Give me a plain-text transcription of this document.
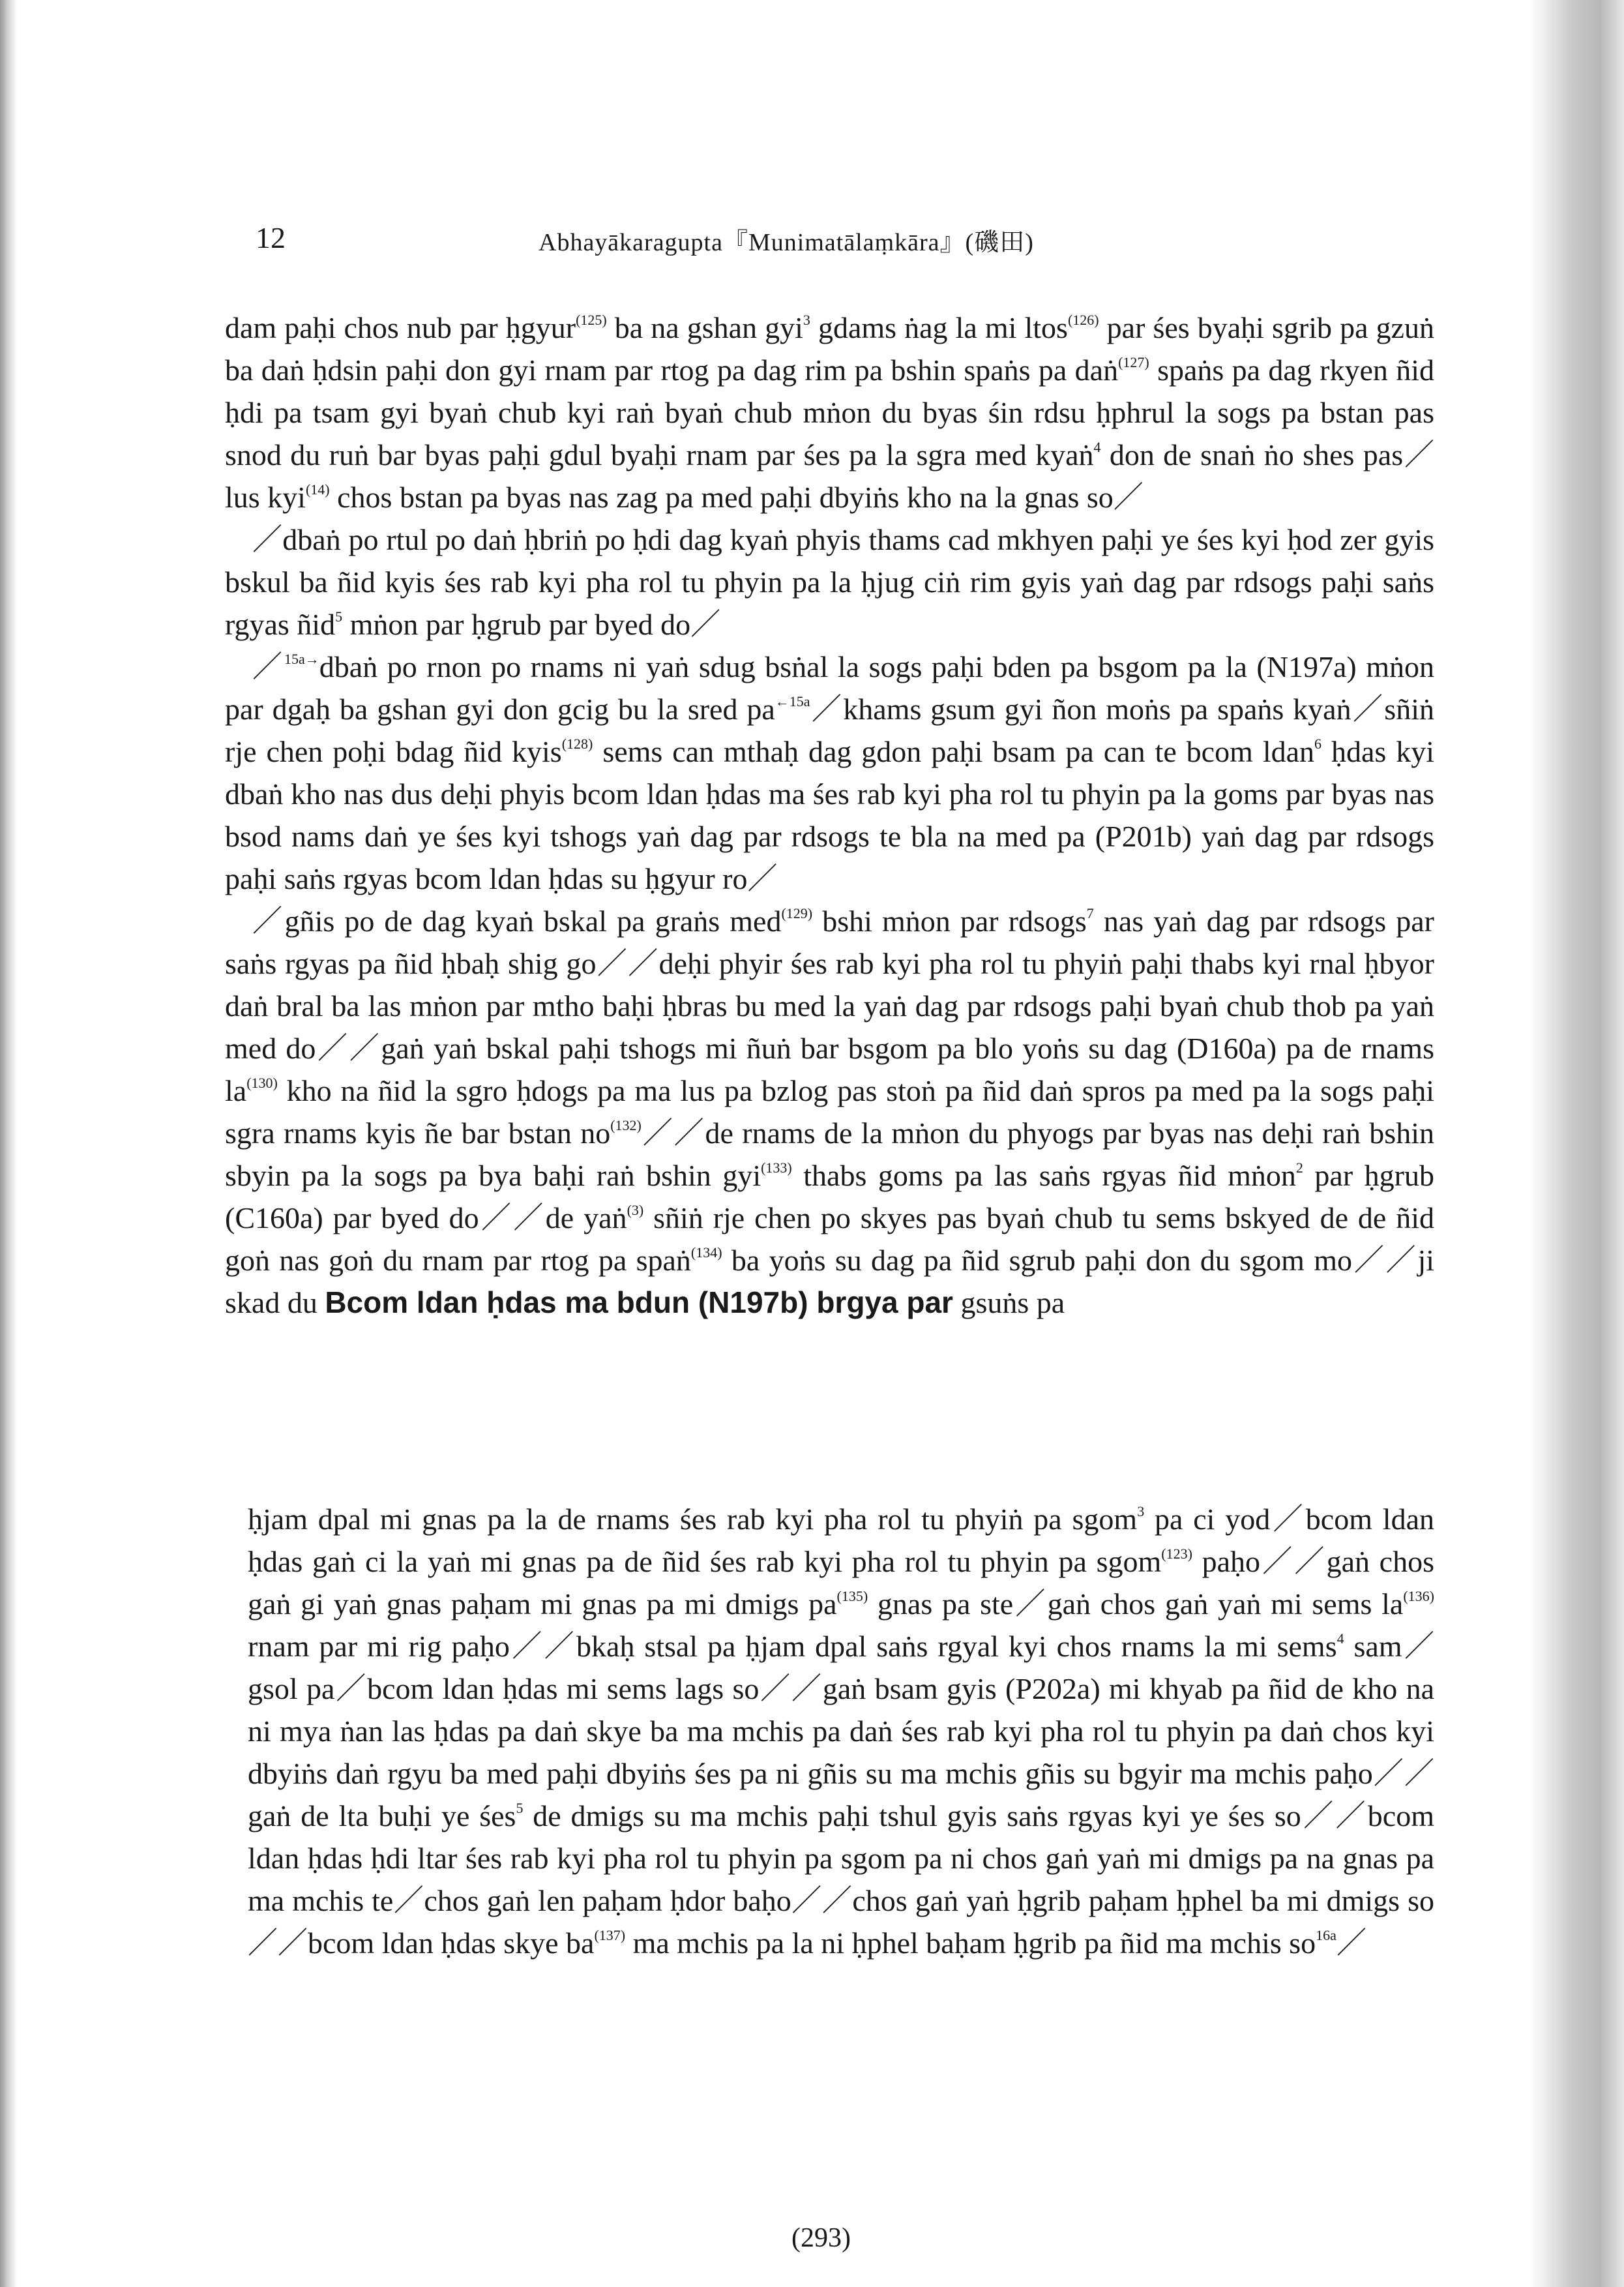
12	Abhayākaragupta『Munimatālaṃkāra』(磯田)

dam paḥi chos nub par ḥgyur$^{(125)}$ ba na gshan gyi$^3$ gdams ṅag la mi ltos$^{(126)}$ par śes byaḥi sgrib pa gzuṅ ba daṅ ḥdsin paḥi don gyi rnam par rtog pa dag rim pa bshin spaṅs pa daṅ$^{(127)}$ spaṅs pa dag rkyen ñid ḥdi pa tsam gyi byaṅ chub kyi raṅ byaṅ chub mṅon du byas śin rdsu ḥphrul la sogs pa bstan pas snod du ruṅ bar byas paḥi gdul byaḥi rnam par śes pa la sgra med kyaṅ$^4$ don de snaṅ ṅo shes pas／lus kyi$^{(14)}$ chos bstan pa byas nas zag pa med paḥi dbyiṅs kho na la gnas so／

／dbaṅ po rtul po daṅ ḥbriṅ po ḥdi dag kyaṅ phyis thams cad mkhyen paḥi ye śes kyi ḥod zer gyis bskul ba ñid kyis śes rab kyi pha rol tu phyin pa la ḥjug ciṅ rim gyis yaṅ dag par rdsogs paḥi saṅs rgyas ñid$^5$ mṅon par ḥgrub par byed do／

／$^{15a\to}$dbaṅ po rnon po rnams ni yaṅ sdug bsṅal la sogs paḥi bden pa bsgom pa la (N197a) mṅon par dgaḥ ba gshan gyi don gcig bu la sred $pa^{\leftarrow 15a}/khams$ gsum gyi ñon moṅs pa spaṅs kyaṅ／sñiṅ rje chen poḥi bdag ñid kyis$^{(128)}$ sems can mthaḥ dag gdon paḥi bsam pa can te bcom ldan$^6$ ḥdas kyi dbaṅ kho nas dus deḥi phyis bcom ldan ḥdas ma śes rab kyi pha rol tu phyin pa la goms par byas nas bsod nams daṅ ye śes kyi tshogs yaṅ dag par rdsogs te bla na med pa (P201b) yaṅ dag par rdsogs paḥi saṅs rgyas bcom ldan ḥdas su ḥgyur ro／

／gñis po de dag kyaṅ bskal pa graṅs med$^{(129)}$ bshi mṅon par rdsogs$^7$ nas yaṅ dag par rdsogs par saṅs rgyas pa ñid ḥbaḥ shig go／／deḥi phyir śes rab kyi pha rol tu phyiṅ paḥi thabs kyi rnal ḥbyor daṅ bral ba las mṅon par mtho baḥi ḥbras bu med la yaṅ dag par rdsogs paḥi byaṅ chub thob pa yaṅ med do／／gaṅ yaṅ bskal paḥi tshogs mi ñuṅ bar bsgom pa blo yoṅs su dag (D160a) pa de rnams $la^{(130)}$ kho na ñid la sgro ḥdogs pa ma lus pa bzlog pas stoṅ pa ñid daṅ spros pa med pa la sogs paḥi sgra rnams kyis ñe bar bstan $no^{(132)}//de$ rnams de la mṅon du phyogs par byas nas deḥi raṅ bshin sbyin pa la sogs pa bya baḥi raṅ bshin gyi$^{(133)}$ thabs goms pa las saṅs rgyas ñid mṅon$^2$ par ḥgrub (C160a) par byed do／／de yaṅ$^{(3)}$ sñiṅ rje chen po skyes pas byaṅ chub tu sems bskyed de de ñid goṅ nas goṅ du rnam par rtog pa spaṅ$^{(134)}$ ba yoṅs su dag pa ñid sgrub paḥi don du sgom mo／／ji skad du Bcom ldan ḥdas ma bdun (N197b) brgya par gsuṅs pa

ḥjam dpal mi gnas pa la de rnams śes rab kyi pha rol tu phyiṅ pa sgom$^3$ pa ci yod／bcom ldan ḥdas gaṅ ci la yaṅ mi gnas pa de ñid śes rab kyi pha rol tu phyin pa sgom$^{(123)}$ paḥo／／gaṅ chos gaṅ gi yaṅ gnas paḥam mi gnas pa mi dmigs $pa^{(135)}$ gnas pa ste／gaṅ chos gaṅ yaṅ mi sems $la^{(136)}$ rnam par mi rig paḥo／／bkaḥ stsal pa ḥjam dpal saṅs rgyal kyi chos rnams la mi sems$^4$ sam／gsol pa／bcom ldan ḥdas mi sems lags so／／gaṅ bsam gyis (P202a) mi khyab pa ñid de kho na ni mya ṅan las ḥdas pa daṅ skye ba ma mchis pa daṅ śes rab kyi pha rol tu phyin pa daṅ chos kyi dbyiṅs daṅ rgyu ba med paḥi dbyiṅs śes pa ni gñis su ma mchis gñis su bgyir ma mchis paḥo／／gaṅ de lta buḥi ye śes$^5$ de dmigs su ma mchis paḥi tshul gyis saṅs rgyas kyi ye śes so／／bcom ldan ḥdas ḥdi ltar śes rab kyi pha rol tu phyin pa sgom pa ni chos gaṅ yaṅ mi dmigs pa na gnas pa ma mchis te／chos gaṅ len paḥam ḥdor baḥo／／chos gaṅ yaṅ ḥgrib paḥam ḥphel ba mi dmigs so／／bcom ldan ḥdas skye $ba^{(137)}$ ma mchis pa la ni ḥphel baḥam ḥgrib pa ñid ma mchis $so^{16a}/$

(293)
